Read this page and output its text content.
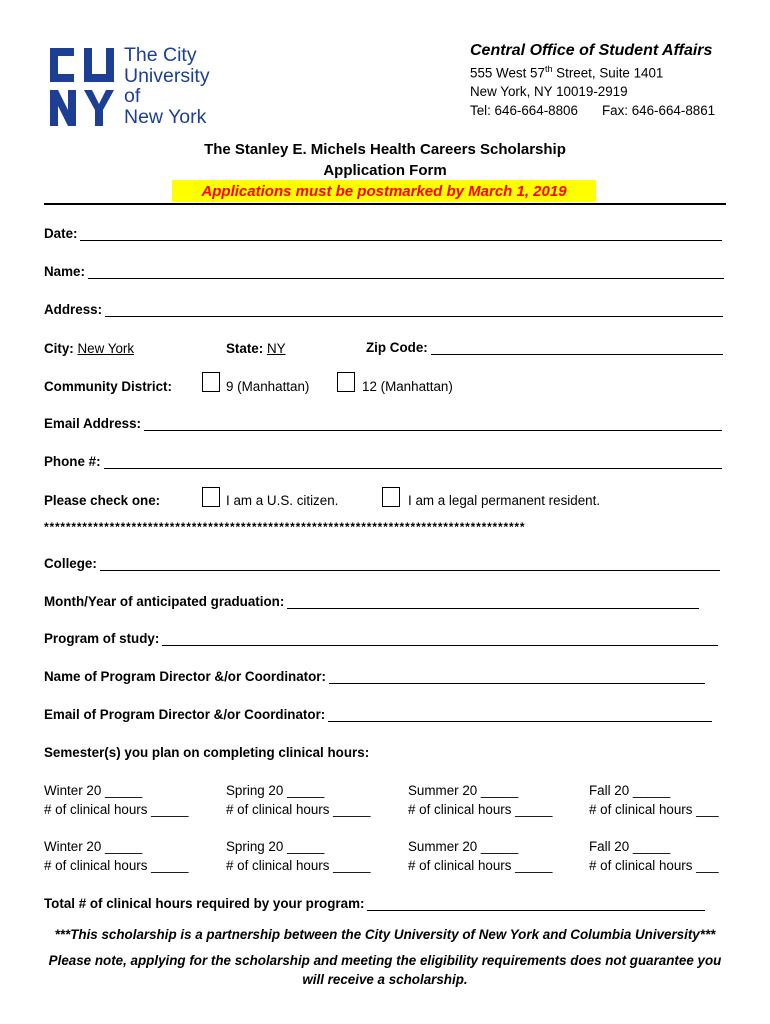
The City
University
of
New York
Central Office of Student Affairs
555 West 57th Street, Suite 1401
New York, NY 10019-2919
Tel: 646-664-8806 Fax: 646-664-8861
The Stanley E. Michels Health Careers Scholarship
Application Form
Applications must be postmarked by March 1, 2019
Date:
Name:
Address:
City: New York	State: NY	Zip Code:
Community District:	9 (Manhattan)	12 (Manhattan)
Email Address:
Phone #:
Please check one:	I am a U.S. citizen.	I am a legal permanent resident.
****************************************************************************************
College:
Month/Year of anticipated graduation:
Program of study:
Name of Program Director &/or Coordinator:
Email of Program Director &/or Coordinator:
Semester(s) you plan on completing clinical hours:
Winter 20 _____	Spring 20 _____	Summer 20 _____	Fall 20 _____
# of clinical hours _____	# of clinical hours _____	# of clinical hours _____	# of clinical hours ___
Winter 20 _____	Spring 20 _____	Summer 20 _____	Fall 20 _____
# of clinical hours _____	# of clinical hours _____	# of clinical hours _____	# of clinical hours ___
Total # of clinical hours required by your program:
***This scholarship is a partnership between the City University of New York and Columbia University***
Please note, applying for the scholarship and meeting the eligibility requirements does not guarantee you
will receive a scholarship.
